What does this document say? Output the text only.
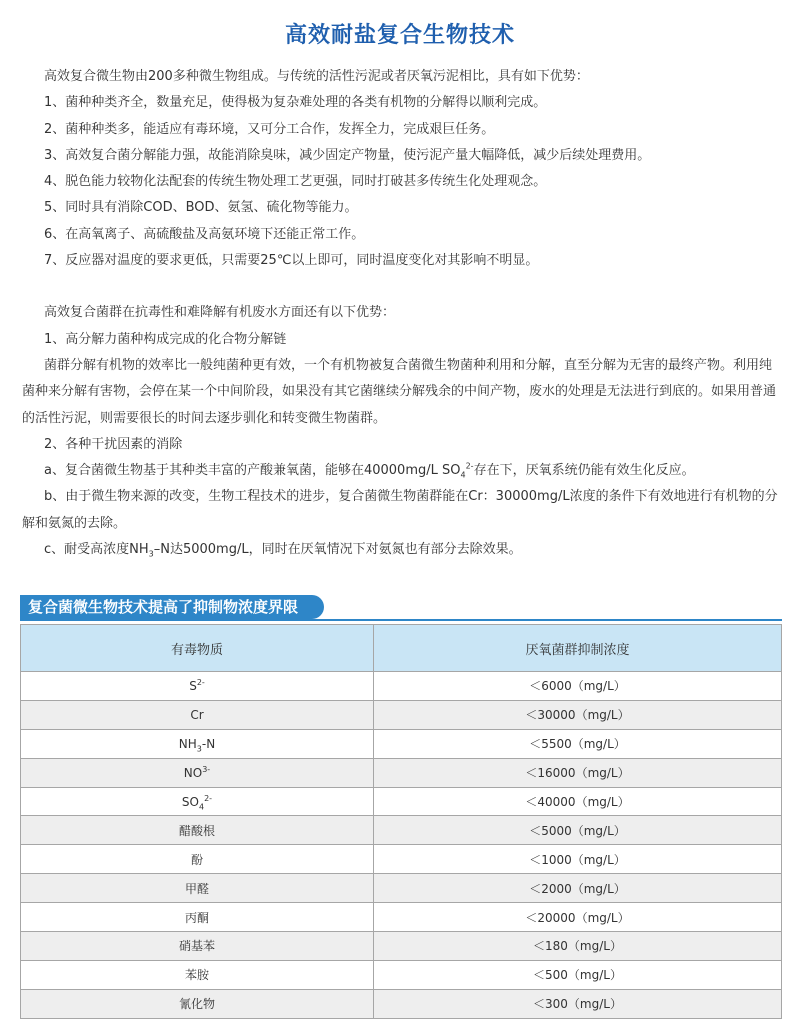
高效耐盐复合生物技术

高效复合微生物由200多种微生物组成。与传统的活性污泥或者厌氧污泥相比，具有如下优势：

1、菌种种类齐全，数量充足，使得极为复杂难处理的各类有机物的分解得以顺利完成。

2、菌种种类多，能适应有毒环境，又可分工合作，发挥全力，完成艰巨任务。

3、高效复合菌分解能力强，故能消除臭味，减少固定产物量，使污泥产量大幅降低，减少后续处理费用。

4、脱色能力较物化法配套的传统生物处理工艺更强，同时打破甚多传统生化处理观念。

5、同时具有消除COD、BOD、氨氢、硫化物等能力。

6、在高氧离子、高硫酸盐及高氨环境下还能正常工作。

7、反应器对温度的要求更低，只需要25℃以上即可，同时温度变化对其影响不明显。

高效复合菌群在抗毒性和难降解有机废水方面还有以下优势：

1、高分解力菌种构成完成的化合物分解链

菌群分解有机物的效率比一般纯菌种更有效，一个有机物被复合菌微生物菌种利用和分解，直至分解为无害的最终产物。利用纯菌种来分解有害物，会停在某一个中间阶段，如果没有其它菌继续分解残余的中间产物，废水的处理是无法进行到底的。如果用普通的活性污泥，则需要很长的时间去逐步驯化和转变微生物菌群。

2、各种干扰因素的消除

a、复合菌微生物基于其种类丰富的产酸兼氧菌，能够在40000mg/L $SO_4^{2-}$存在下，厌氧系统仍能有效生化反应。

b、由于微生物来源的改变，生物工程技术的进步，复合菌微生物菌群能在Cr：30000mg/L浓度的条件下有效地进行有机物的分解和氨氮的去除。

c、耐受高浓度$NH_3-N$达5000mg/L，同时在厌氧情况下对氨氮也有部分去除效果。

复合菌微生物技术提高了抑制物浓度界限
有毒物质	厌氧菌群抑制浓度
$S^{2-}$	＜6000（mg/L）
Cr	＜30000（mg/L）
$NH_3-N$	＜5500（mg/L）
$NO^{3-}$	＜16000（mg/L）
$SO_4^{2-}$	＜40000（mg/L）
醋酸根	＜5000（mg/L）
酚	＜1000（mg/L）
甲醛	＜2000（mg/L）
丙酮	＜20000（mg/L）
硝基苯	＜180（mg/L）
苯胺	＜500（mg/L）
氰化物	＜300（mg/L）
